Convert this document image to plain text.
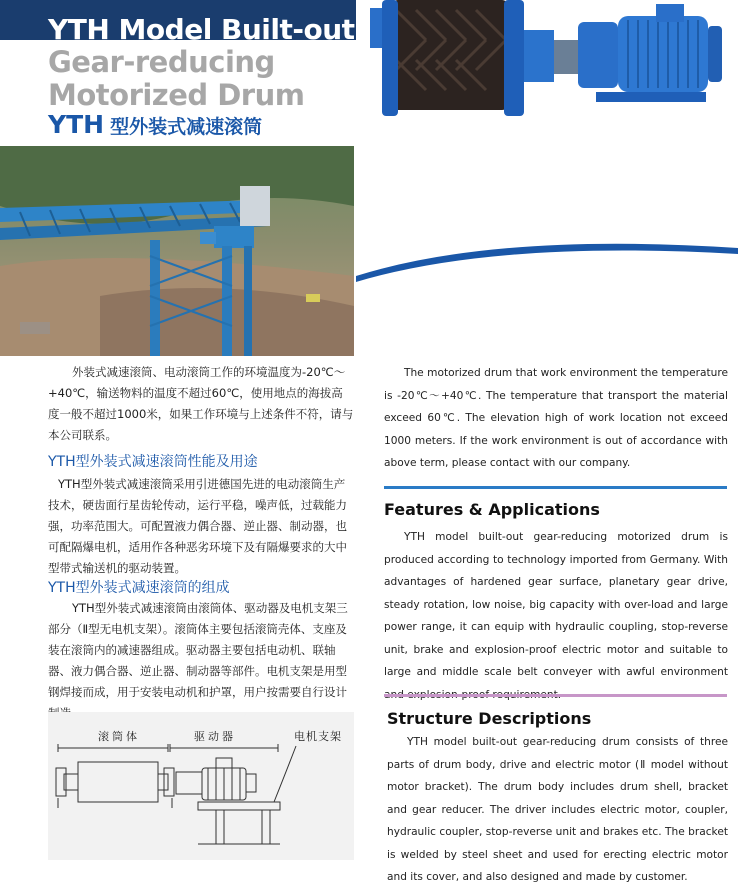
YTH Model Built-out
Gear-reducing
Motorized Drum
YTH 型外装式减速滚筒
外装式减速滚筒、电动滚筒工作的环境温度为-20℃～+40℃，输送物料的温度不超过60℃，使用地点的海拔高度一般不超过1000米，如果工作环境与上述条件不符，请与本公司联系。
YTH型外装式减速滚筒性能及用途
YTH型外装式减速滚筒采用引进德国先进的电动滚筒生产技术，硬齿面行星齿轮传动，运行平稳，噪声低，过载能力强，功率范围大。可配置液力偶合器、逆止器、制动器，也可配隔爆电机，适用作各种恶劣环境下及有隔爆要求的大中型带式输送机的驱动装置。
YTH型外装式减速滚筒的组成
YTH型外装式减速滚筒由滚筒体、驱动器及电机支架三部分（Ⅱ型无电机支架）。滚筒体主要包括滚筒壳体、支座及装在滚筒内的减速器组成。驱动器主要包括电动机、联轴器、液力偶合器、逆止器、制动器等部件。电机支架是用型钢焊接而成，用于安装电动机和护罩，用户按需要自行设计
滚筒体	驱动器	电机支架
The motorized drum that work environment the temperature is -20℃～+40℃. The temperature that transport the material exceed 60℃. The elevation high of work location not exceed 1000 meters. If the work environment is out of accordance with above term, please contact with our company.
Features & Applications
YTH model built-out gear-reducing motorized drum is produced according to technology imported from Germany. With advantages of hardened gear surface, planetary gear drive, steady rotation, low noise, big capacity with over-load and large power range, it can equip with hydraulic coupling, stop-reverse unit, brake and explosion-proof electric motor and suitable to large and middle scale belt conveyer with awful environment
Structure Descriptions
YTH model built-out gear-reducing drum consists of three parts of drum body, drive and electric motor (Ⅱ model without motor bracket). The drum body includes drum shell, bracket and gear reducer. The driver includes electric motor, coupler, hydraulic coupler, stop-reverse unit and brakes etc. The bracket is welded by steel sheet and used for erecting electric motor and its cover, and also designed and made by customer.
